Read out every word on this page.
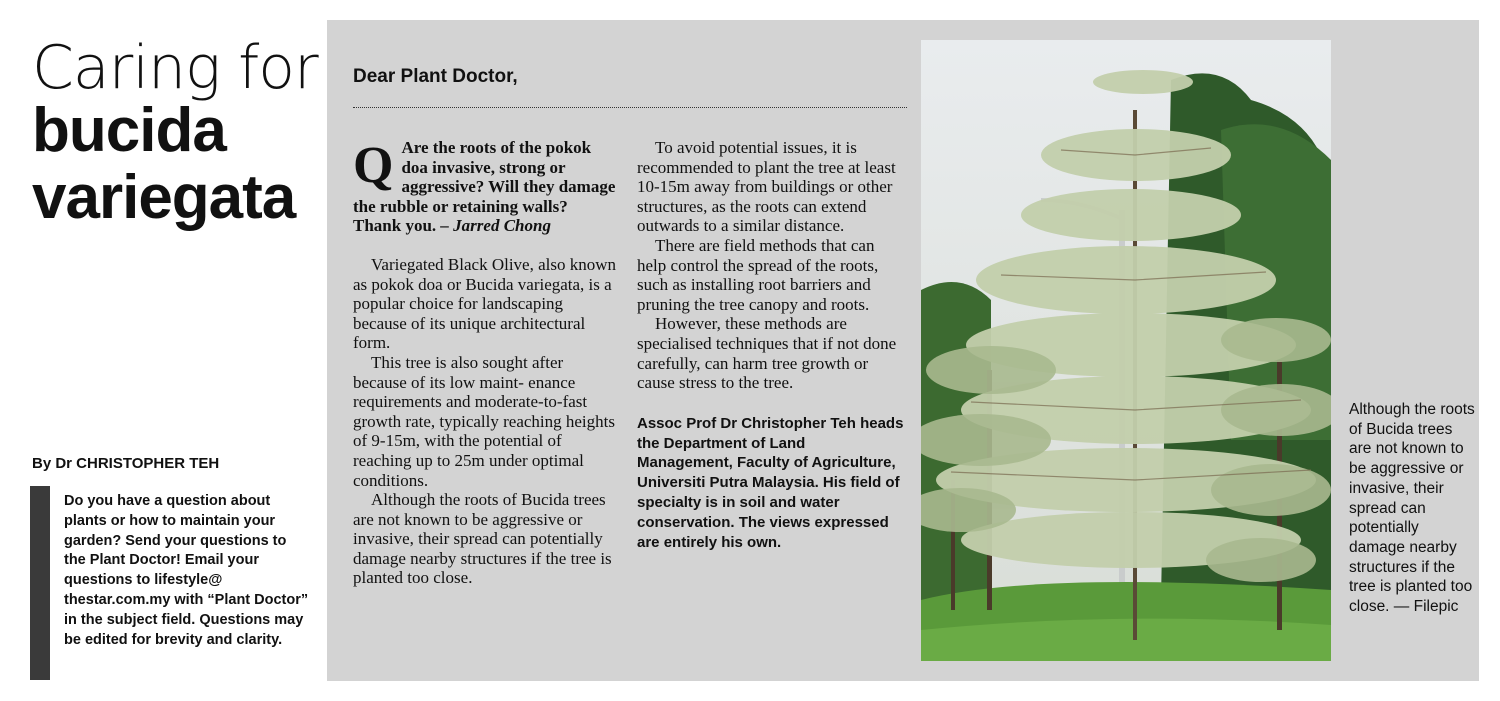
Caring for
bucida
variegata
By Dr CHRISTOPHER TEH
Do you have a question about plants or how to maintain your garden? Send your questions to the Plant Doctor! Email your questions to lifestyle@ thestar.com.my with “Plant Doctor” in the subject field. Questions may be edited for brevity and clarity.
Dear Plant Doctor,

Q Are the roots of the pokok doa invasive, strong or aggressive? Will they damage the rubble or retaining walls? Thank you. – Jarred Chong

Variegated Black Olive, also known as pokok doa or Bucida variegata, is a popular choice for landscaping because of its unique architectural form.

This tree is also sought after because of its low maint- enance requirements and moderate-to-fast growth rate, typically reaching heights of 9-15m, with the potential of reaching up to 25m under optimal conditions.

Although the roots of Bucida trees are not known to be aggressive or invasive, their spread can potentially damage nearby structures if the tree is planted too close.

To avoid potential issues, it is recommended to plant the tree at least 10-15m away from buildings or other structures, as the roots can extend outwards to a similar distance.

There are field methods that can help control the spread of the roots, such as installing root barriers and pruning the tree canopy and roots.

However, these methods are specialised techniques that if not done carefully, can harm tree growth or cause stress to the tree.

Assoc Prof Dr Christopher Teh heads the Department of Land Management, Faculty of Agriculture, Universiti Putra Malaysia. His field of specialty is in soil and water conservation. The views expressed are entirely his own.
Although the roots of Bucida trees are not known to be aggressive or invasive, their spread can potentially damage nearby structures if the tree is planted too close. — Filepic
